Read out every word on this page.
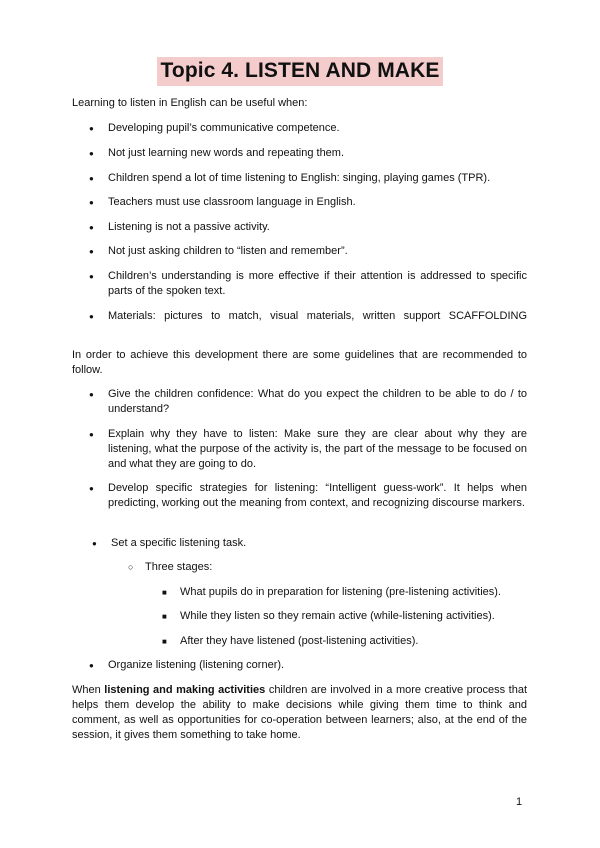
Topic 4. LISTEN AND MAKE

Learning to listen in English can be useful when:

● Developing pupil’s communicative competence.

● Not just learning new words and repeating them.

● Children spend a lot of time listening to English: singing, playing games (TPR).

● Teachers must use classroom language in English.

● Listening is not a passive activity.

● Not just asking children to “listen and remember”.

● Children’s understanding is more effective if their attention is addressed to specific parts of the spoken text.

● Materials: pictures to match, visual materials, written support SCAFFOLDING

In order to achieve this development there are some guidelines that are recommended to follow.

● Give the children confidence: What do you expect the children to be able to do / to understand?

● Explain why they have to listen: Make sure they are clear about why they are listening, what the purpose of the activity is, the part of the message to be focused on and what they are going to do.

● Develop specific strategies for listening: “Intelligent guess-work”. It helps when predicting, working out the meaning from context, and recognizing discourse markers.

● Set a specific listening task.

○ Three stages:

■ What pupils do in preparation for listening (pre-listening activities).

■ While they listen so they remain active (while-listening activities).

■ After they have listened (post-listening activities).

● Organize listening (listening corner).

When listening and making activities children are involved in a more creative process that helps them develop the ability to make decisions while giving them time to think and comment, as well as opportunities for co-operation between learners; also, at the end of the session, it gives them something to take home.

1
